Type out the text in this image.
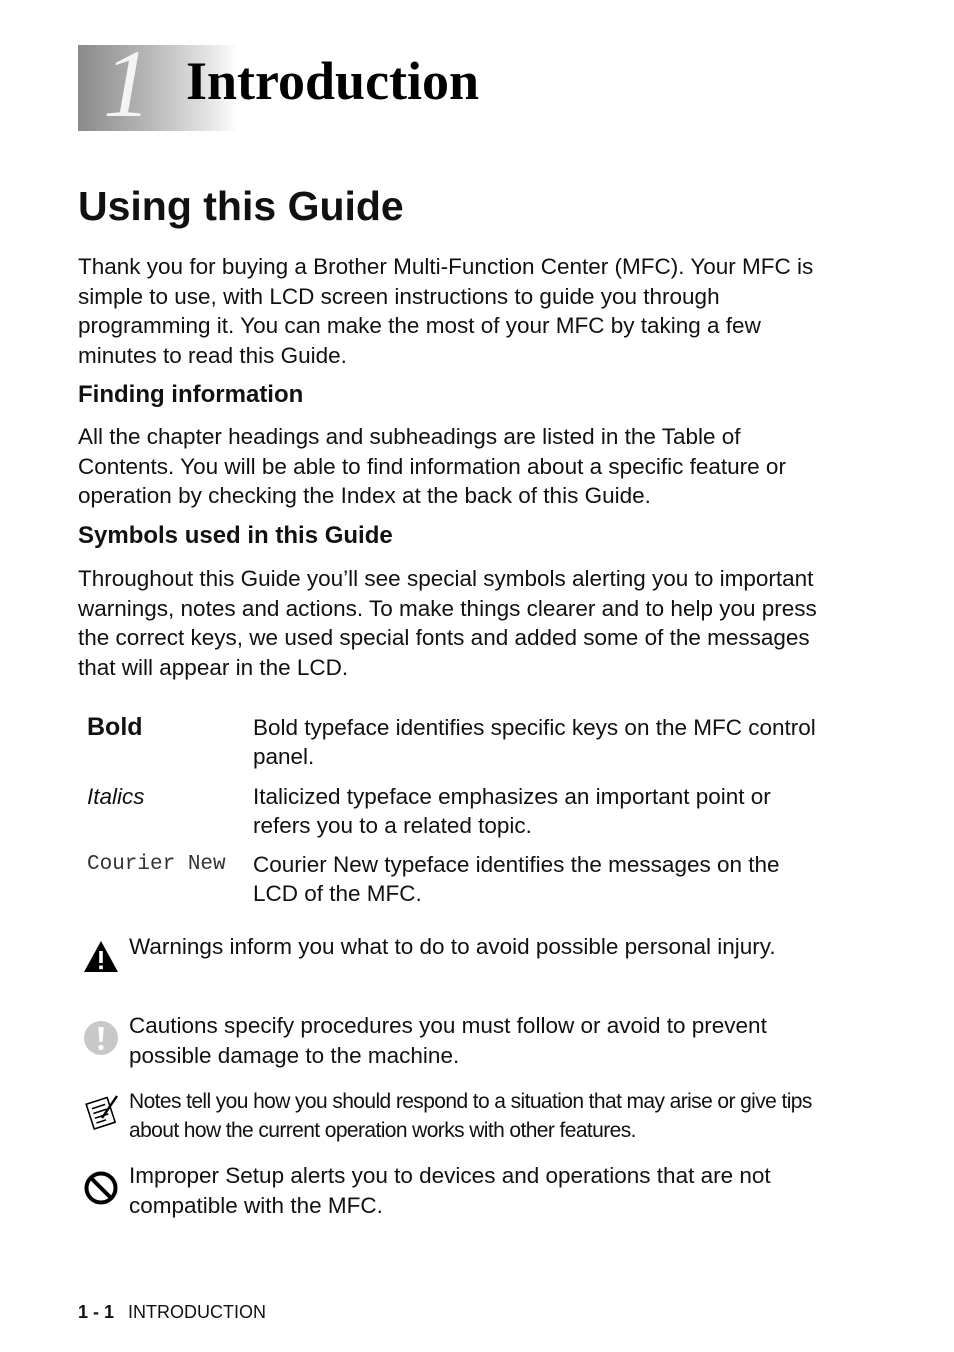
1 Introduction
Using this Guide
Thank you for buying a Brother Multi-Function Center (MFC). Your MFC is simple to use, with LCD screen instructions to guide you through programming it. You can make the most of your MFC by taking a few minutes to read this Guide.
Finding information
All the chapter headings and subheadings are listed in the Table of Contents. You will be able to find information about a specific feature or operation by checking the Index at the back of this Guide.
Symbols used in this Guide
Throughout this Guide you’ll see special symbols alerting you to important warnings, notes and actions. To make things clearer and to help you press the correct keys, we used special fonts and added some of the messages that will appear in the LCD.
Bold	Bold typeface identifies specific keys on the MFC control panel.
Italics	Italicized typeface emphasizes an important point or refers you to a related topic.
Courier New Courier New typeface identifies the messages on the LCD of the MFC.
Warnings inform you what to do to avoid possible personal injury.
Cautions specify procedures you must follow or avoid to prevent possible damage to the machine.
Notes tell you how you should respond to a situation that may arise or give tips about how the current operation works with other features.
Improper Setup alerts you to devices and operations that are not compatible with the MFC.
1 - 1 INTRODUCTION
